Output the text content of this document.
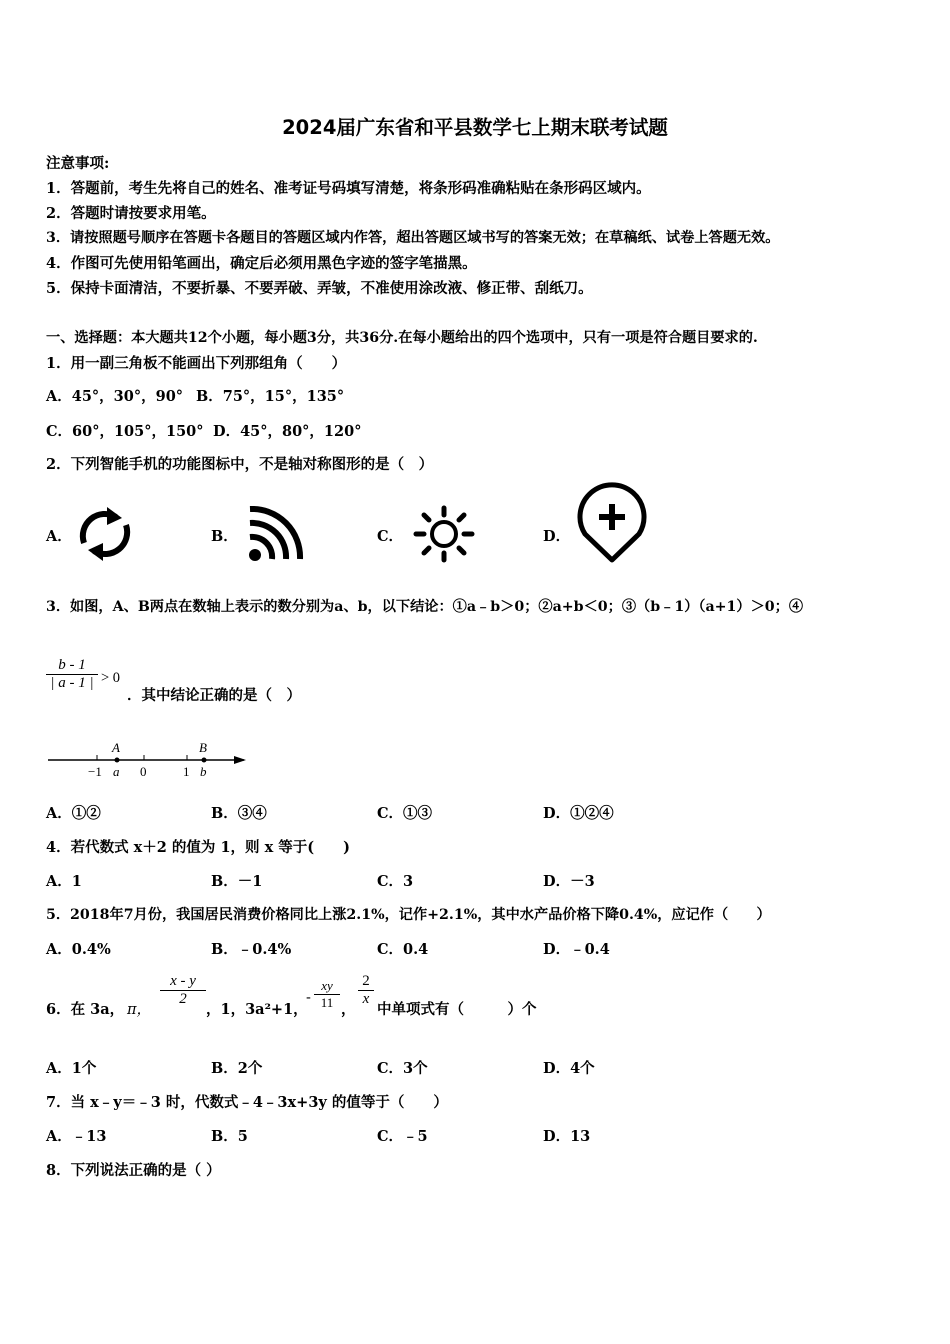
2024届广东省和平县数学七上期末联考试题
注意事项:
1．答题前，考生先将自己的姓名、准考证号码填写清楚，将条形码准确粘贴在条形码区域内。
2．答题时请按要求用笔。
3．请按照题号顺序在答题卡各题目的答题区域内作答，超出答题区域书写的答案无效；在草稿纸、试卷上答题无效。
4．作图可先使用铅笔画出，确定后必须用黑色字迹的签字笔描黑。
5．保持卡面清洁，不要折暴、不要弄破、弄皱，不准使用涂改液、修正带、刮纸刀。
一、选择题：本大题共12个小题，每小题3分，共36分.在每小题给出的四个选项中，只有一项是符合题目要求的.
1．用一副三角板不能画出下列那组角（　　）
A．45°，30°，90° B．75°，15°，135°
C．60°，105°，150° D．45°，80°，120°
2．下列智能手机的功能图标中，不是轴对称图形的是（　）
A．	B．	C．	D．
3．如图，A、B两点在数轴上表示的数分别为a、b，以下结论：①a﹣b＞0；②a+b＜0；③（b﹣1）（a+1）＞0；④
b - 1
| a - 1 | > 0
．其中结论正确的是（　）
A	B
−1 a 0	1 b
A．①②	B．③④	C．①③	D．①②④
4．若代数式 x＋2 的值为 1，则 x 等于(　　)
A．1	B．－1	C．3	D．－3
5．2018年7月份，我国居民消费价格同比上涨2.1%，记作+2.1%，其中水产品价格下降0.4%，应记作（　　）
A．0.4%	B．﹣0.4%	C．0.4	D．﹣0.4
6．在 3a， π，
x - y
2
，1，3a²+1，
-
xy
11 ，
2
x
中单项式有（　　　）个
A．1个	B．2个	C．3个	D．4个
7．当 x﹣y＝﹣3 时，代数式﹣4﹣3x+3y 的值等于（　　）
A．﹣13	B．5	C．﹣5	D．13
8．下列说法正确的是（ ）
